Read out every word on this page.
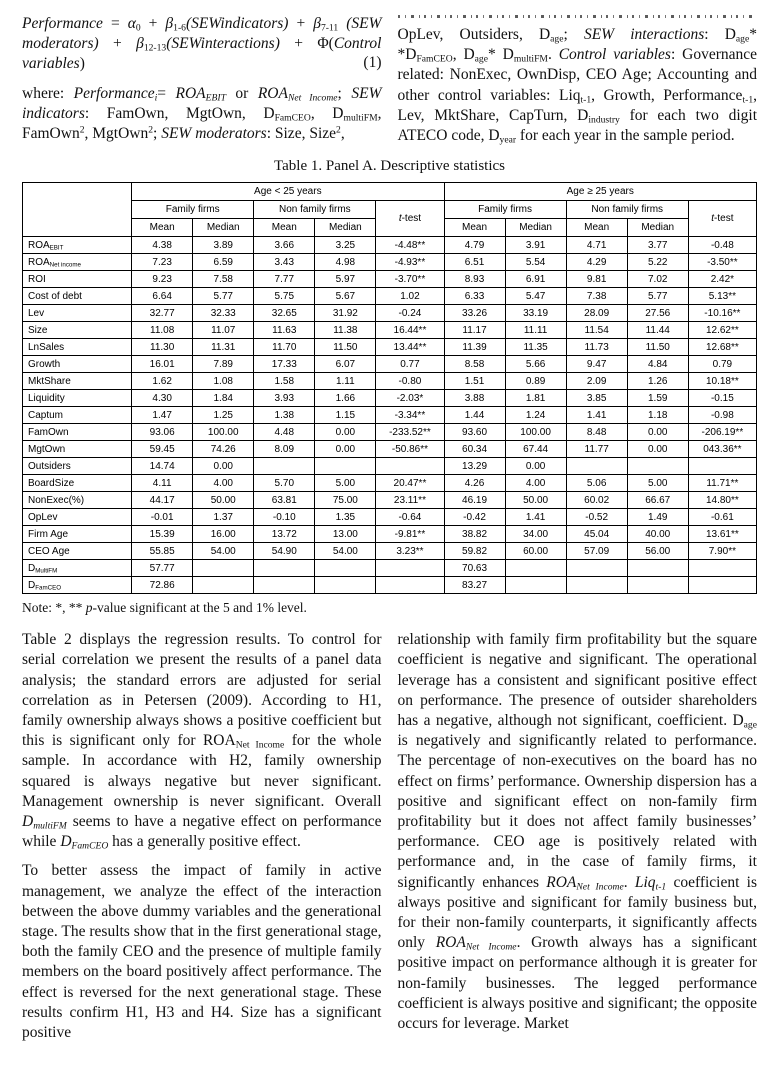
Performance = $\alpha_0$ + $\beta_{1-6}(SEWindicators) + \beta_{7-11}$ (SEW moderators) + $\beta_{12-13}(SEWinteractions)$ + Φ(Control variables)	(1)

where: Performance$_i$= $ROA_{EBIT}$ or $ROA_{Net Income}$; SEW indicators: FamOwn, MgtOwn, $D_{FamCEO}$, $D_{multiFM}$, FamOwn$^2$, MgtOwn$^2$; SEW moderators: Size, Size$^2$,

OpLev, Outsiders, $D_{age}$; SEW interactions: $D_{age}*$ $*D_{FamCEO}$, $D_{age}*$ $D_{multiFM}$. Control variables: Governance related: NonExec, OwnDisp, CEO Age; Accounting and other control variables: Liq$_{t-1}$, Growth, Performance$_{t-1}$, Lev, MktShare, CapTurn, $D_{industry}$ for each two digit ATECO code, $D_{year}$ for each year in the sample period.

Table 1. Panel A. Descriptive statistics
	Age < 25 years					Age ≥ 25 years				
	Family firms		Non family firms		t-test	Family firms		Non family firms		t-test
	Mean	Median	Mean	Median		Mean	Median	Mean	Median	
$ROA_{EBIT}$	4.38	3.89	3.66	3.25	-4.48**	4.79	3.91	4.71	3.77	-0.48
$ROA_{Net income}$	7.23	6.59	3.43	4.98	-4.93**	6.51	5.54	4.29	5.22	-3.50**
ROI	9.23	7.58	7.77	5.97	-3.70**	8.93	6.91	9.81	7.02	2.42*
Cost of debt	6.64	5.77	5.75	5.67	1.02	6.33	5.47	7.38	5.77	5.13**
Lev	32.77	32.33	32.65	31.92	-0.24	33.26	33.19	28.09	27.56	-10.16**
Size	11.08	11.07	11.63	11.38	16.44**	11.17	11.11	11.54	11.44	12.62**
LnSales	11.30	11.31	11.70	11.50	13.44**	11.39	11.35	11.73	11.50	12.68**
Growth	16.01	7.89	17.33	6.07	0.77	8.58	5.66	9.47	4.84	0.79
MktShare	1.62	1.08	1.58	1.11	-0.80	1.51	0.89	2.09	1.26	10.18**
Liquidity	4.30	1.84	3.93	1.66	-2.03*	3.88	1.81	3.85	1.59	-0.15
Captum	1.47	1.25	1.38	1.15	-3.34**	1.44	1.24	1.41	1.18	-0.98
FamOwn	93.06	100.00	4.48	0.00	-233.52**	93.60	100.00	8.48	0.00	-206.19**
MgtOwn	59.45	74.26	8.09	0.00	-50.86**	60.34	67.44	11.77	0.00	043.36**
Outsiders	14.74	0.00				13.29	0.00			
BoardSize	4.11	4.00	5.70	5.00	20.47**	4.26	4.00	5.06	5.00	11.71**
NonExec(%)	44.17	50.00	63.81	75.00	23.11**	46.19	50.00	60.02	66.67	14.80**
OpLev	-0.01	1.37	-0.10	1.35	-0.64	-0.42	1.41	-0.52	1.49	-0.61
Firm Age	15.39	16.00	13.72	13.00	-9.81**	38.82	34.00	45.04	40.00	13.61**
CEO Age	55.85	54.00	54.90	54.00	3.23**	59.82	60.00	57.09	56.00	7.90**
$D_{MultiFM}$	57.77					70.63				
$D_{FamCEO}$	72.86					83.27				
Note: *, ** p-value significant at the 5 and 1% level.

Table 2 displays the regression results. To control for serial correlation we present the results of a panel data analysis; the standard errors are adjusted for serial correlation as in Petersen (2009). According to H1, family ownership always shows a positive coefficient but this is significant only for $ROA_{Net Income}$ for the whole sample. In accordance with H2, family ownership squared is always negative but never significant. Management ownership is never significant. Overall $D_{multiFM}$ seems to have a negative effect on performance while $D_{FamCEO}$ has a generally positive effect.

To better assess the impact of family in active management, we analyze the effect of the interaction between the above dummy variables and the generational stage. The results show that in the first generational stage, both the family CEO and the presence of multiple family members on the board positively affect performance. The effect is reversed for the next generational stage. These results confirm H1, H3 and H4. Size has a significant positive

relationship with family firm profitability but the square coefficient is negative and significant. The operational leverage has a consistent and significant positive effect on performance. The presence of outsider shareholders has a negative, although not significant, coefficient. $D_{age}$ is negatively and significantly related to performance. The percentage of non-executives on the board has no effect on firms’ performance. Ownership dispersion has a positive and significant effect on non-family firm profitability but it does not affect family businesses’ performance. CEO age is positively related with performance and, in the case of family firms, it significantly enhances $ROA_{Net Income}$. Liq$_{t-1}$ coefficient is always positive and significant for family business but, for their non-family counterparts, it significantly affects only $ROA_{Net Income}$. Growth always has a significant positive impact on performance although it is greater for non-family businesses. The legged performance coefficient is always positive and significant; the opposite occurs for leverage. Market
